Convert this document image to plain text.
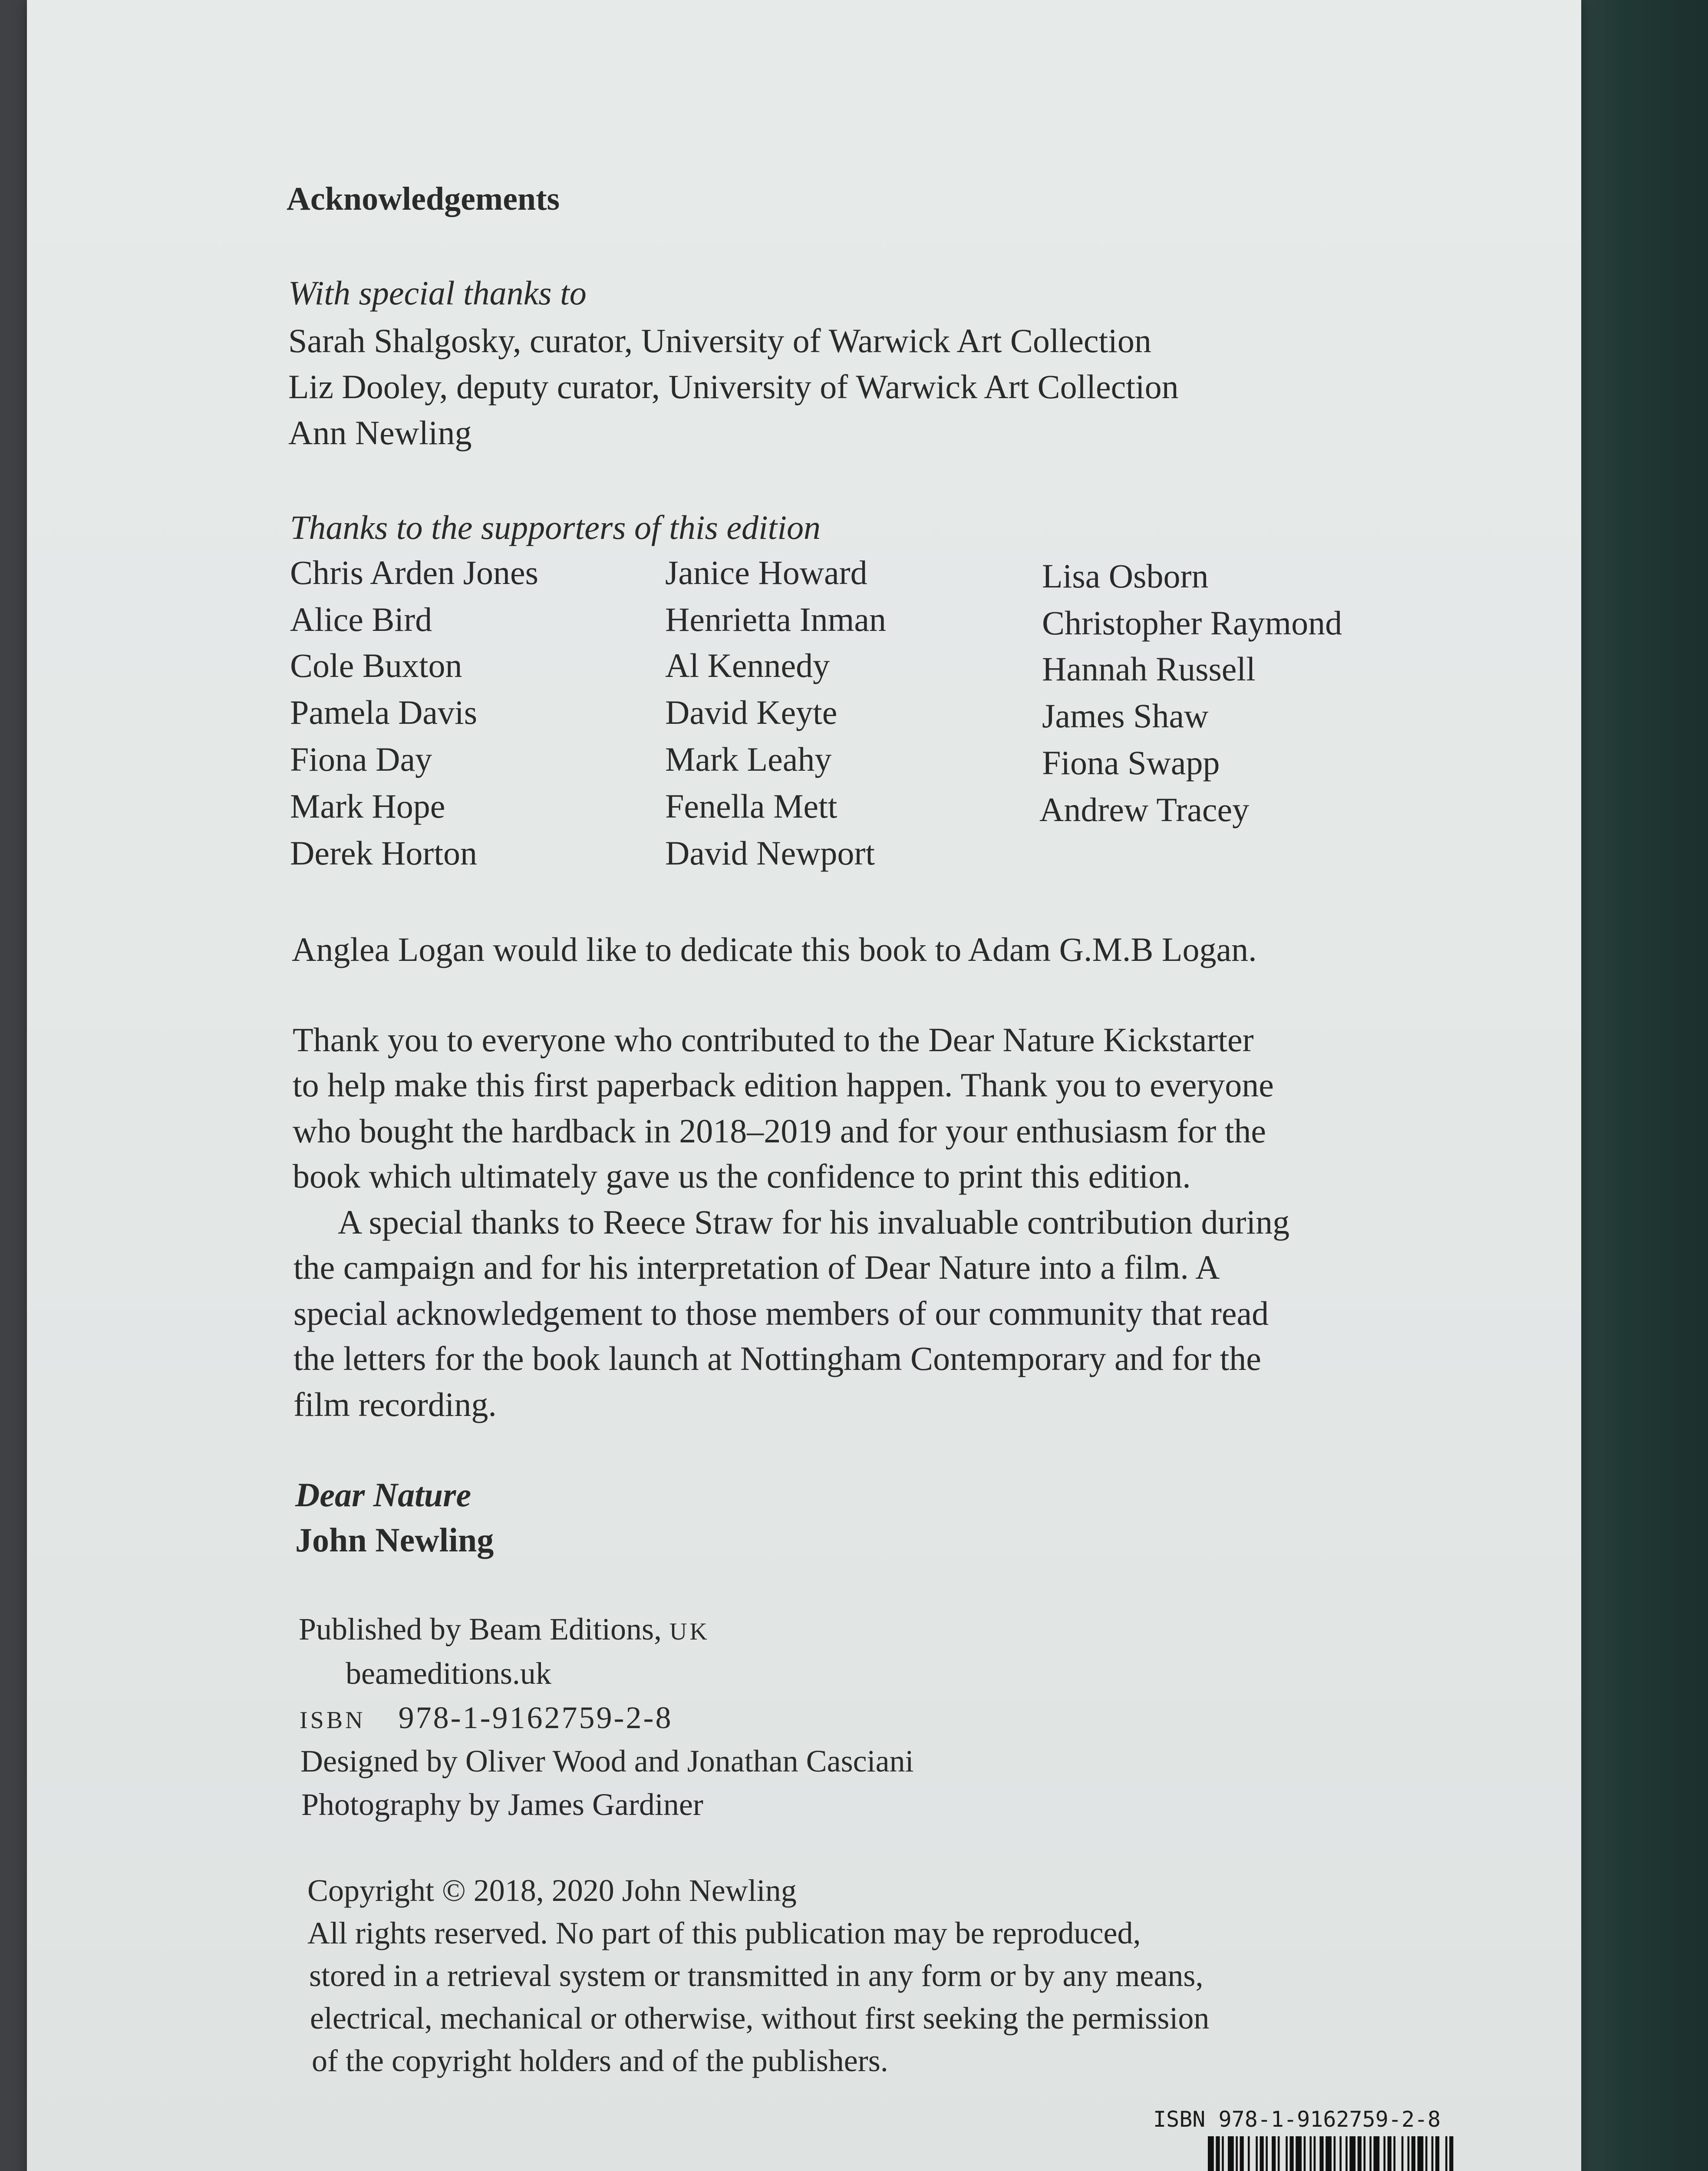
Acknowledgements
With special thanks to
Sarah Shalgosky, curator, University of Warwick Art Collection
Liz Dooley, deputy curator, University of Warwick Art Collection
Ann Newling
Thanks to the supporters of this edition
Chris Arden Jones
Alice Bird
Cole Buxton
Pamela Davis
Fiona Day
Mark Hope
Derek Horton
Janice Howard
Henrietta Inman
Al Kennedy
David Keyte
Mark Leahy
Fenella Mett
David Newport
Lisa Osborn
Christopher Raymond
Hannah Russell
James Shaw
Fiona Swapp
Andrew Tracey
Anglea Logan would like to dedicate this book to Adam G.M.B Logan.
Thank you to everyone who contributed to the Dear Nature Kickstarter
to help make this first paperback edition happen. Thank you to everyone
who bought the hardback in 2018–2019 and for your enthusiasm for the
book which ultimately gave us the confidence to print this edition.
A special thanks to Reece Straw for his invaluable contribution during
the campaign and for his interpretation of Dear Nature into a film. A
special acknowledgement to those members of our community that read
the letters for the book launch at Nottingham Contemporary and for the
film recording.
Dear Nature
John Newling
Published by Beam Editions, UK
beameditions.uk
ISBN 978-1-9162759-2-8
Designed by Oliver Wood and Jonathan Casciani
Photography by James Gardiner
Copyright © 2018, 2020 John Newling
All rights reserved. No part of this publication may be reproduced,
stored in a retrieval system or transmitted in any form or by any means,
electrical, mechanical or otherwise, without first seeking the permission
of the copyright holders and of the publishers.
ISBN 978-1-9162759-2-8
